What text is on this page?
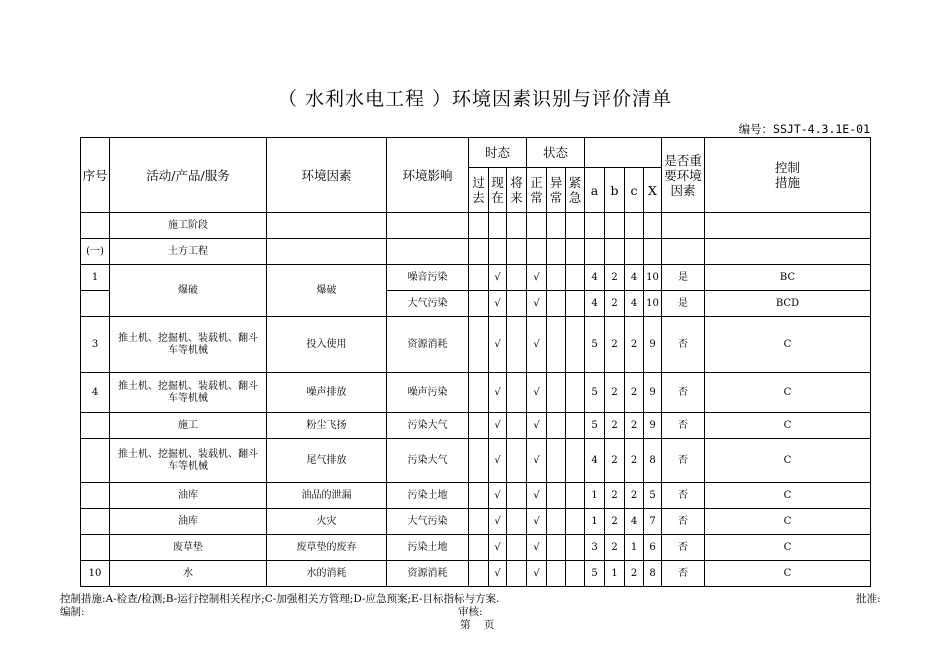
（ 水利水电工程 ）环境因素识别与评价清单
编号：SSJT-4.3.1E-01
序号	活动/产品/服务	环境因素	环境影响	时态			状态							是否重要环境因素	控制措施
				过去	现在	将来	正常	异常	紧急	a	b	c	X		
	施工阶段														
(一)	土方工程														
1	爆破	爆破	噪音污染		√		√			4	2	4	10	是	BC
			大气污染		√		√			4	2	4	10	是	BCD
3	推土机、挖掘机、装载机、翻斗车等机械	投入使用	资源消耗		√		√			5	2	2	9	否	C
4	推土机、挖掘机、装载机、翻斗车等机械	噪声排放	噪声污染		√		√			5	2	2	9	否	C
	施工	粉尘飞扬	污染大气		√		√			5	2	2	9	否	C
	推土机、挖掘机、装载机、翻斗车等机械	尾气排放	污染大气		√		√			4	2	2	8	否	C
	油库	油品的泄漏	污染土地		√		√			1	2	2	5	否	C
	油库	火灾	大气污染		√		√			1	2	4	7	否	C
	废草垫	废草垫的废弃	污染土地		√		√			3	2	1	6	否	C
10	水	水的消耗	资源消耗		√		√			5	1	2	8	否	C
控制措施:A-检查/检测;B-运行控制相关程序;C-加强相关方管理;D-应急预案;E-目标指标与方案.	批准:
编制:	审核:
第    页
